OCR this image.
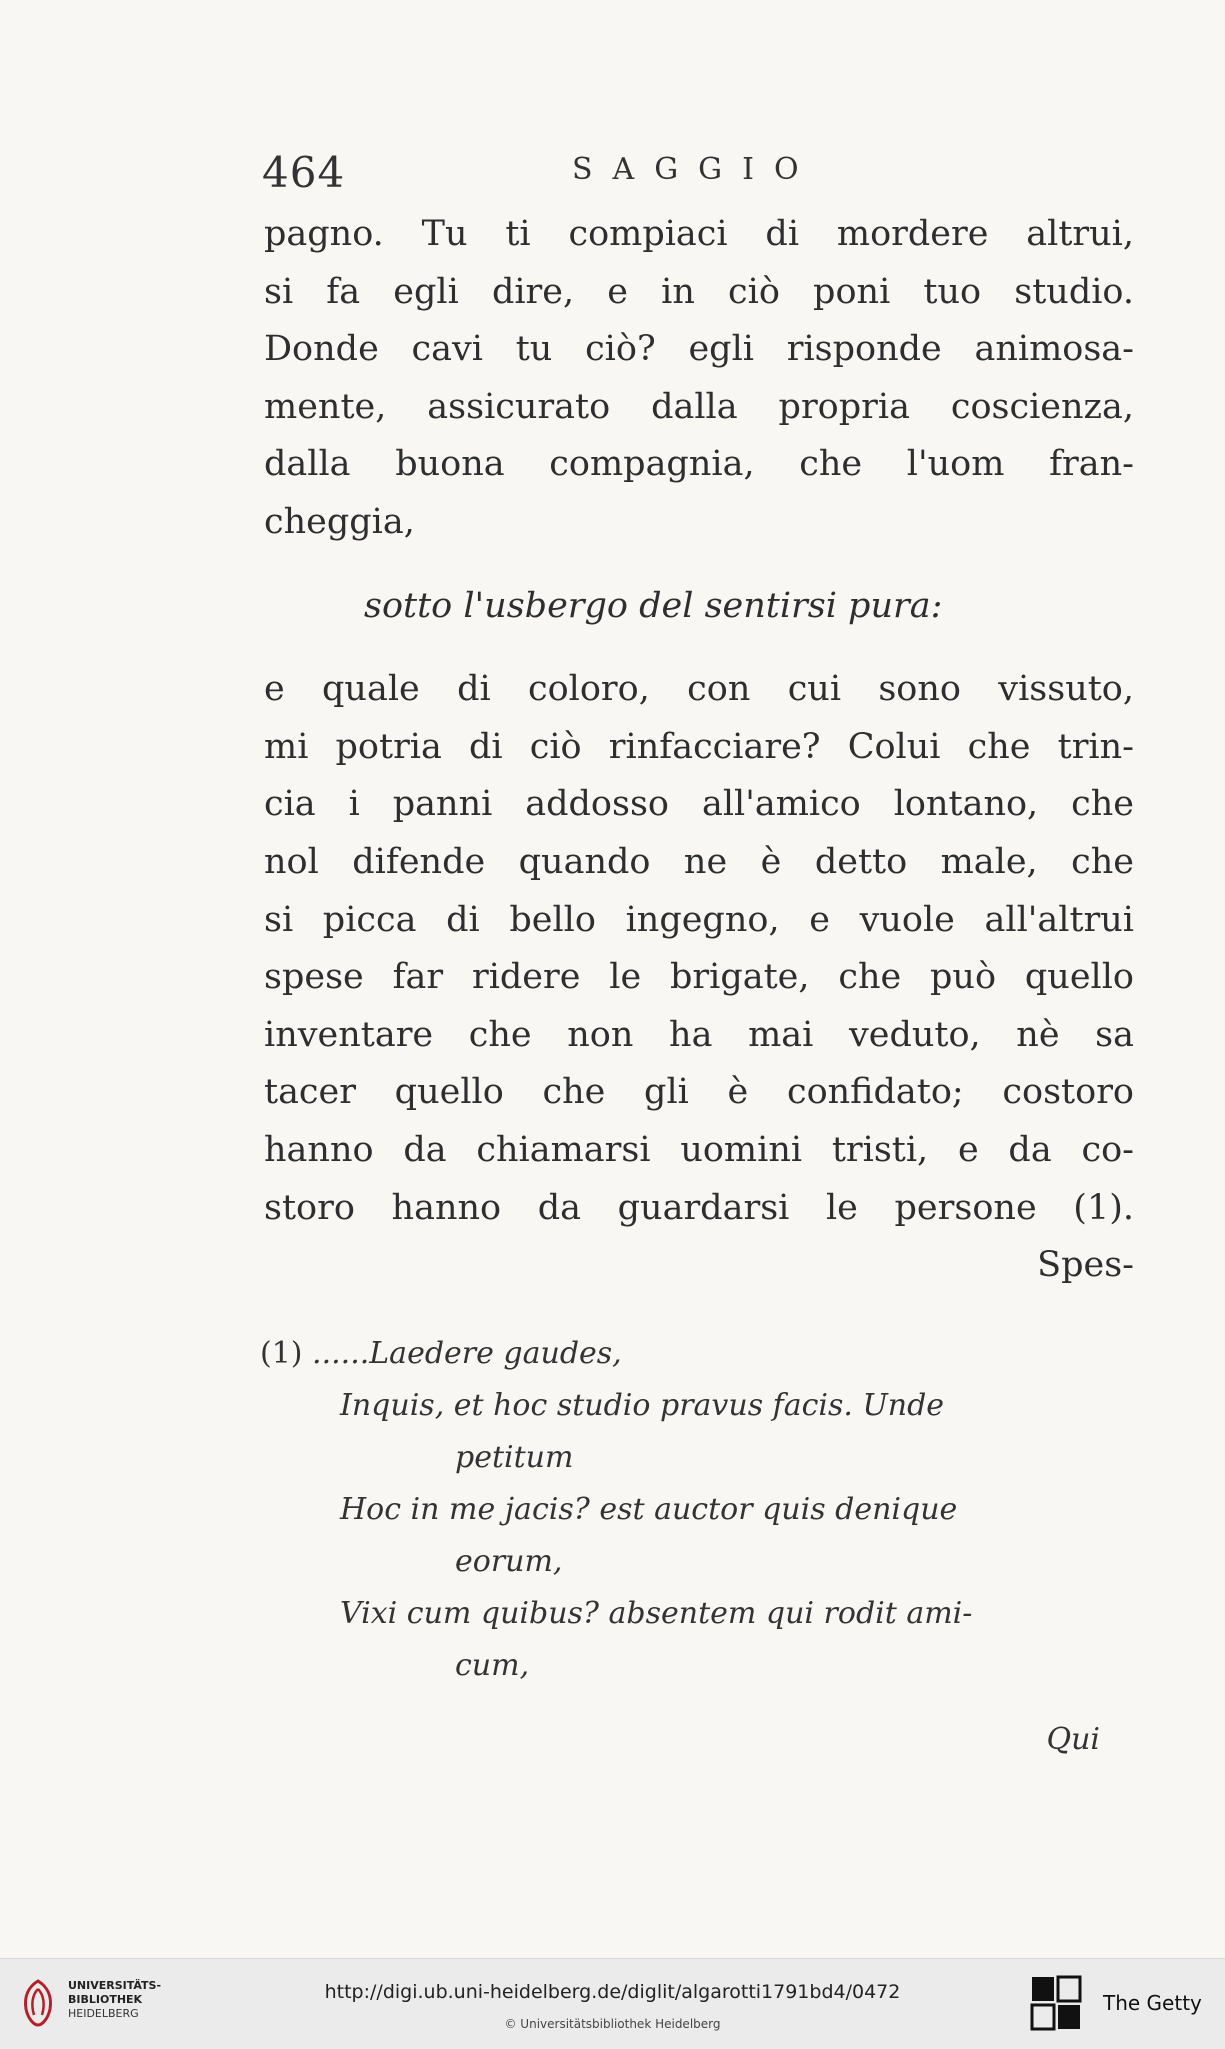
464	SAGGIO
pagno. Tu ti compiaci di mordere altrui,
si fa egli dire, e in ciò poni tuo studio.
Donde cavi tu ciò? egli risponde animosa-
mente, assicurato dalla propria coscienza,
dalla buona compagnia, che l'uom fran-
cheggia,
sotto l'usbergo del sentirsi pura:
e quale di coloro, con cui sono vissuto,
mi potria di ciò rinfacciare? Colui che trin-
cia i panni addosso all'amico lontano, che
nol difende quando ne è detto male, che
si picca di bello ingegno, e vuole all'altrui
spese far ridere le brigate, che può quello
inventare che non ha mai veduto, nè sa
tacer quello che gli è confidato; costoro
hanno da chiamarsi uomini tristi, e da co-
storo hanno da guardarsi le persone (1).
Spes-
(1) ......Laedere gaudes,
Inquis, et hoc studio pravus facis. Unde
petitum
Hoc in me jacis? est auctor quis denique
eorum,
Vixi cum quibus? absentem qui rodit ami-
cum,
Qui
UNIVERSITÄTS-
BIBLIOTHEK
HEIDELBERG
http://digi.ub.uni-heidelberg.de/diglit/algarotti1791bd4/0472
© Universitätsbibliothek Heidelberg
The Getty
